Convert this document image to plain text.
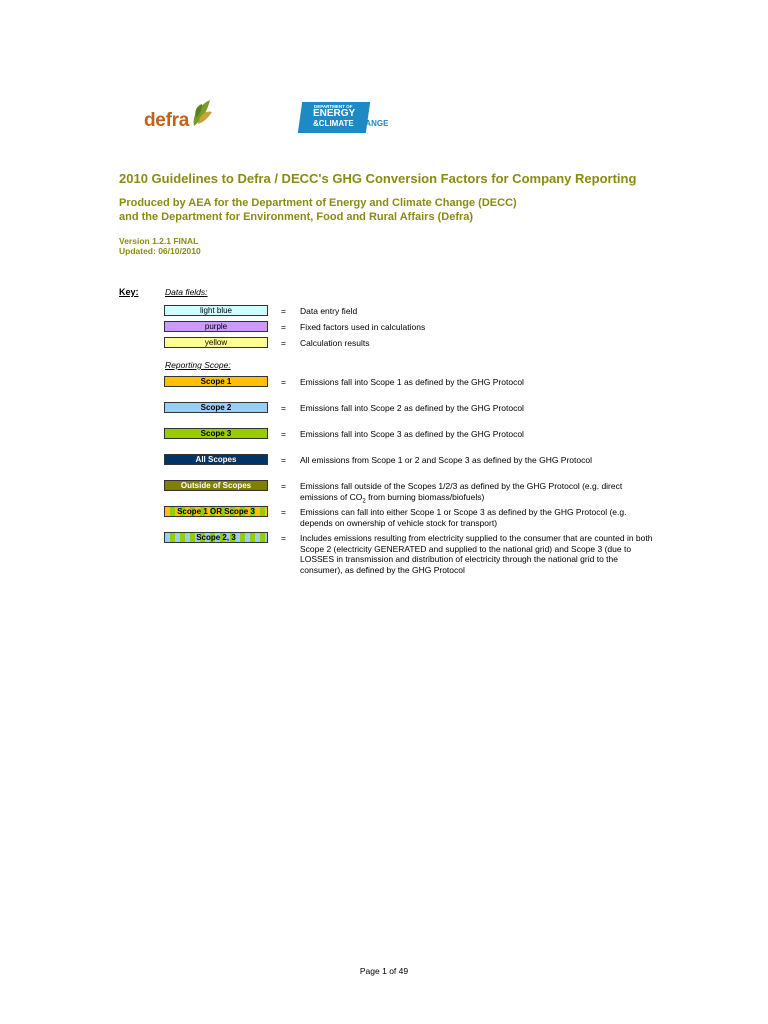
defra
DEPARTMENT OF
ENERGY
&CLIMATECHANGE
2010 Guidelines to Defra / DECC's GHG Conversion Factors for Company Reporting
Produced by AEA for the Department of Energy and Climate Change (DECC)
and the Department for Environment, Food and Rural Affairs (Defra)
Version 1.2.1 FINAL
Updated: 06/10/2010
Key:	Data fields:
light blue	= Data entry field
purple	= Fixed factors used in calculations
yellow	= Calculation results
Reporting Scope:
Scope 1	= Emissions fall into Scope 1 as defined by the GHG Protocol
Scope 2	= Emissions fall into Scope 2 as defined by the GHG Protocol
Scope 3	= Emissions fall into Scope 3 as defined by the GHG Protocol
All Scopes	= All emissions from Scope 1 or 2 and Scope 3 as defined by the GHG Protocol
Outside of Scopes	= Emissions fall outside of the Scopes 1/2/3 as defined by the GHG Protocol (e.g. direct
emissions of $CO_2$ from burning biomass/biofuels)
Scope 1 OR Scope 3	= Emissions can fall into either Scope 1 or Scope 3 as defined by the GHG Protocol (e.g.
depends on ownership of vehicle stock for transport)
Scope 2, 3	= Includes emissions resulting from electricity supplied to the consumer that are counted in both
Scope 2 (electricity GENERATED and supplied to the national grid) and Scope 3 (due to
LOSSES in transmission and distribution of electricity through the national grid to the
consumer), as defined by the GHG Protocol
Page 1 of 49
